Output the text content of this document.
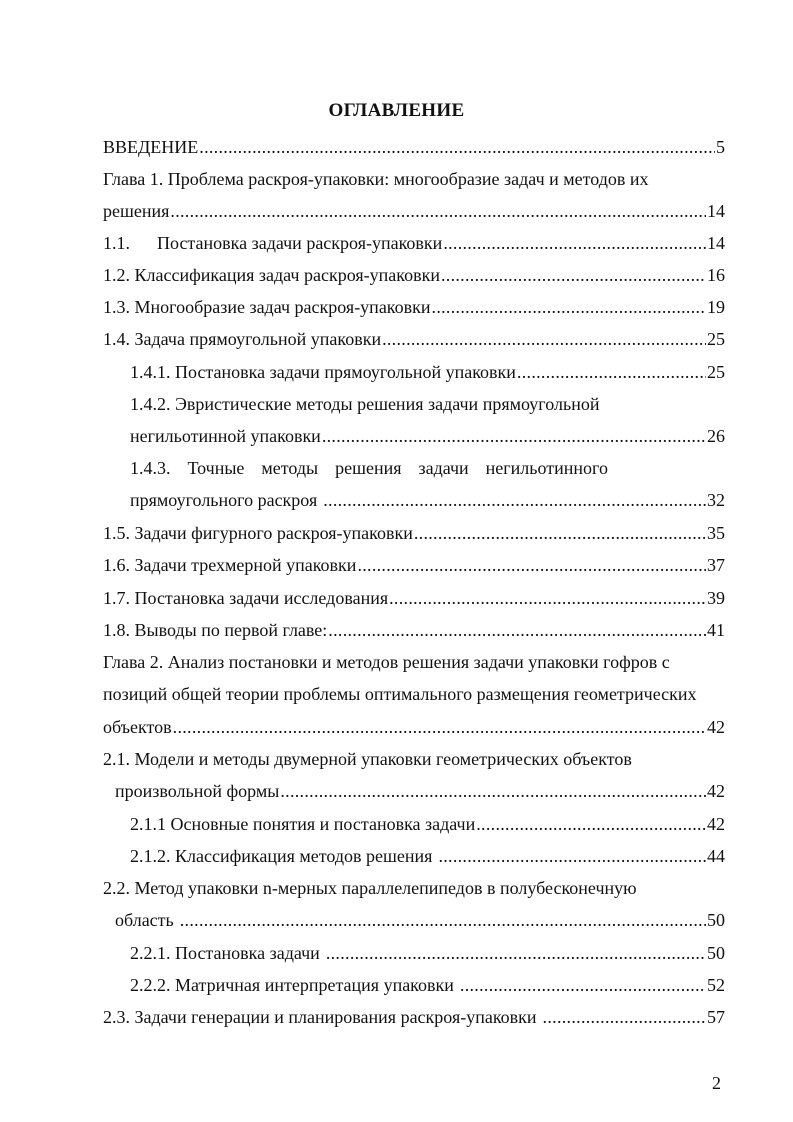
ОГЛАВЛЕНИЕ
ВВЕДЕНИЕ .....	5
Глава 1. Проблема раскроя-упаковки: многообразие задач и методов их
решения .....	14
1.1.	Постановка задачи раскроя-упаковки .....	14
1.2. Классификация задач раскроя-упаковки .....	16
1.3. Многообразие задач раскроя-упаковки .....	19
1.4. Задача прямоугольной упаковки .....	25
1.4.1. Постановка задачи прямоугольной упаковки .....	25
1.4.2. Эвристические методы решения задачи прямоугольной
негильотинной упаковки .....	26
1.4.3. Точные методы решения задачи негильотинного
прямоугольного раскроя .....	32
1.5. Задачи фигурного раскроя-упаковки .....	35
1.6. Задачи трехмерной упаковки .....	37
1.7. Постановка задачи исследования .....	39
1.8. Выводы по первой главе: .....	41
Глава 2. Анализ постановки и методов решения задачи упаковки гофров с
позиций общей теории проблемы оптимального размещения геометрических
объектов .....	42
2.1. Модели и методы двумерной упаковки геометрических объектов
произвольной формы .....	42
2.1.1 Основные понятия и постановка задачи .....	42
2.1.2. Классификация методов решения .....	44
2.2. Метод упаковки n-мерных параллелепипедов в полубесконечную
область .....	50
2.2.1. Постановка задачи .....	50
2.2.2. Матричная интерпретация упаковки .....	52
2.3. Задачи генерации и планирования раскроя-упаковки .....	57
2
